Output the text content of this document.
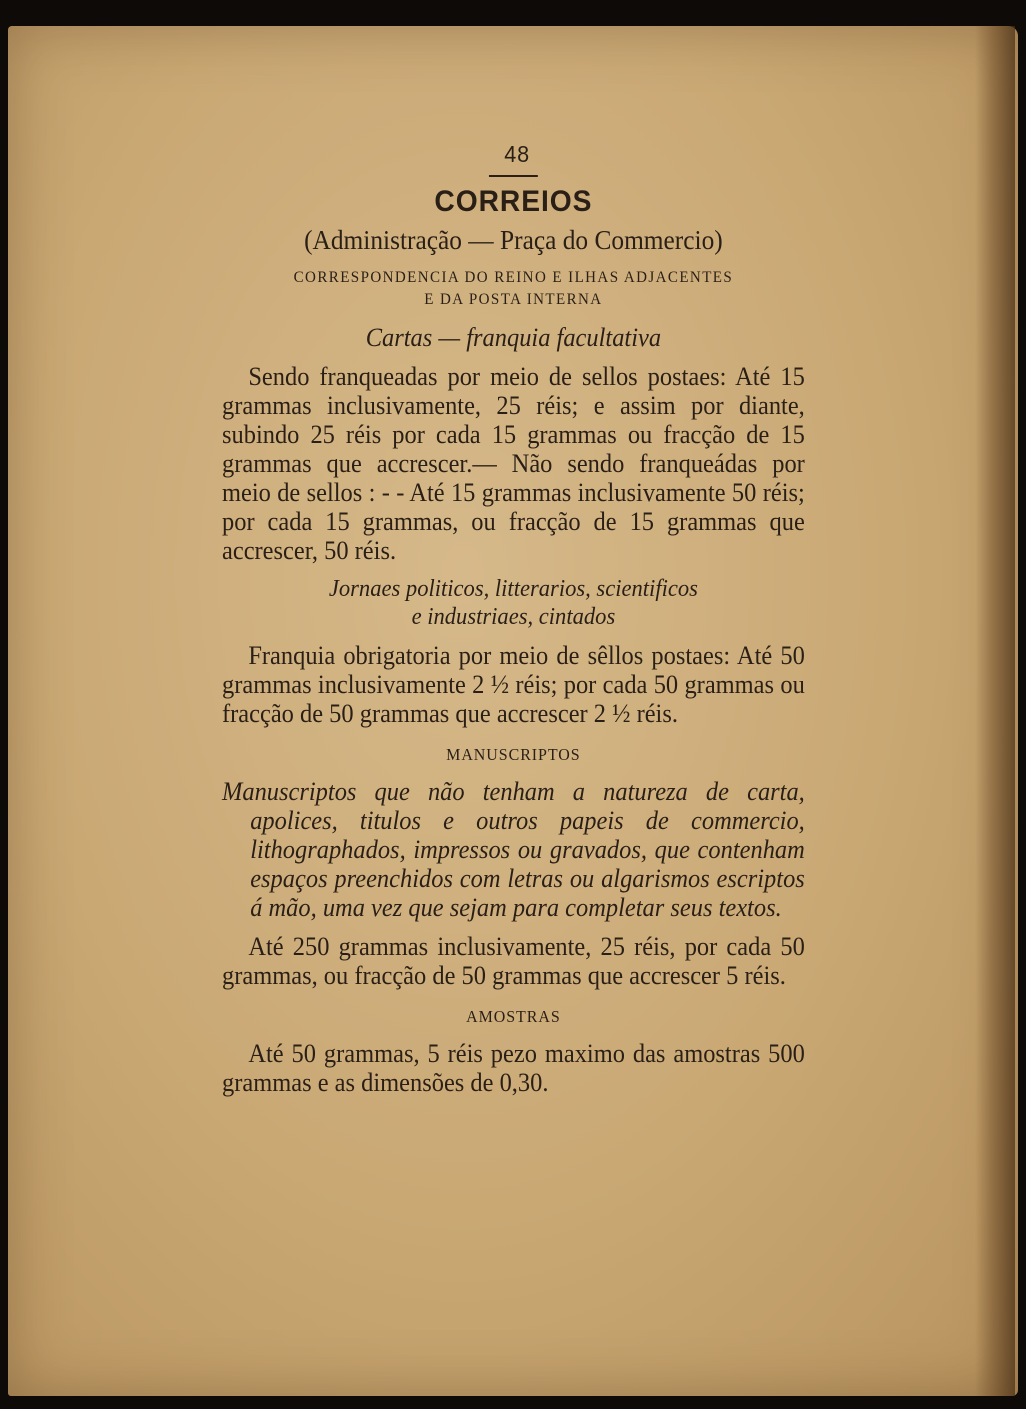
48
CORREIOS
(Administração — Praça do Commercio)
CORRESPONDENCIA DO REINO E ILHAS ADJACENTES
E DA POSTA INTERNA
Cartas — franquia facultativa

Sendo franqueadas por meio de sellos postaes: Até 15 grammas inclusivamente, 25 réis; e assim por diante, subindo 25 réis por cada 15 grammas ou fracção de 15 grammas que accrescer.— Não sendo franqueádas por meio de sellos : - - Até 15 grammas inclusivamente 50 réis; por cada 15 grammas, ou fracção de 15 grammas que accrescer, 50 réis.

Jornaes politicos, litterarios, scientificos
e industriaes, cintados

Franquia obrigatoria por meio de sêllos postaes: Até 50 grammas inclusivamente 2 ½ réis; por cada 50 grammas ou fracção de 50 grammas que accrescer 2 ½ réis.

MANUSCRIPTOS
Manuscriptos que não tenham a natureza de carta, apolices, titulos e outros papeis de commercio, lithographados, impressos ou gravados, que contenham espaços preenchidos com letras ou algarismos escriptos á mão, uma vez que sejam para completar seus textos.

Até 250 grammas inclusivamente, 25 réis, por cada 50 grammas, ou fracção de 50 grammas que accrescer 5 réis.

AMOSTRAS

Até 50 grammas, 5 réis pezo maximo das amostras 500 grammas e as dimensões de 0,30.
